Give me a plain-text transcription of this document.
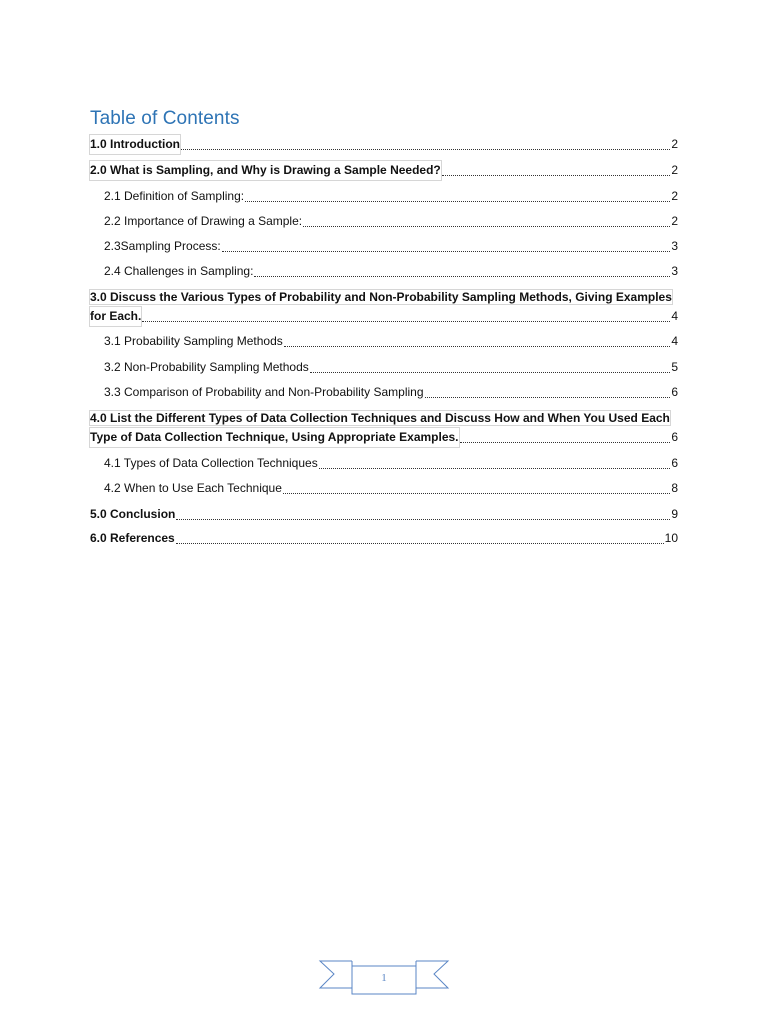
Table of Contents
1.0 Introduction	2
2.0 What is Sampling, and Why is Drawing a Sample Needed?	2
2.1 Definition of Sampling:	2
2.2 Importance of Drawing a Sample:	2
2.3Sampling Process:	3
2.4 Challenges in Sampling:	3
3.0 Discuss the Various Types of Probability and Non-Probability Sampling Methods, Giving Examples
for Each.	4
3.1 Probability Sampling Methods	4
3.2 Non-Probability Sampling Methods	5
3.3 Comparison of Probability and Non-Probability Sampling	6
4.0 List the Different Types of Data Collection Techniques and Discuss How and When You Used Each
Type of Data Collection Technique, Using Appropriate Examples.	6
4.1 Types of Data Collection Techniques	6
4.2 When to Use Each Technique	8
5.0 Conclusion	9
6.0 References	10
1
